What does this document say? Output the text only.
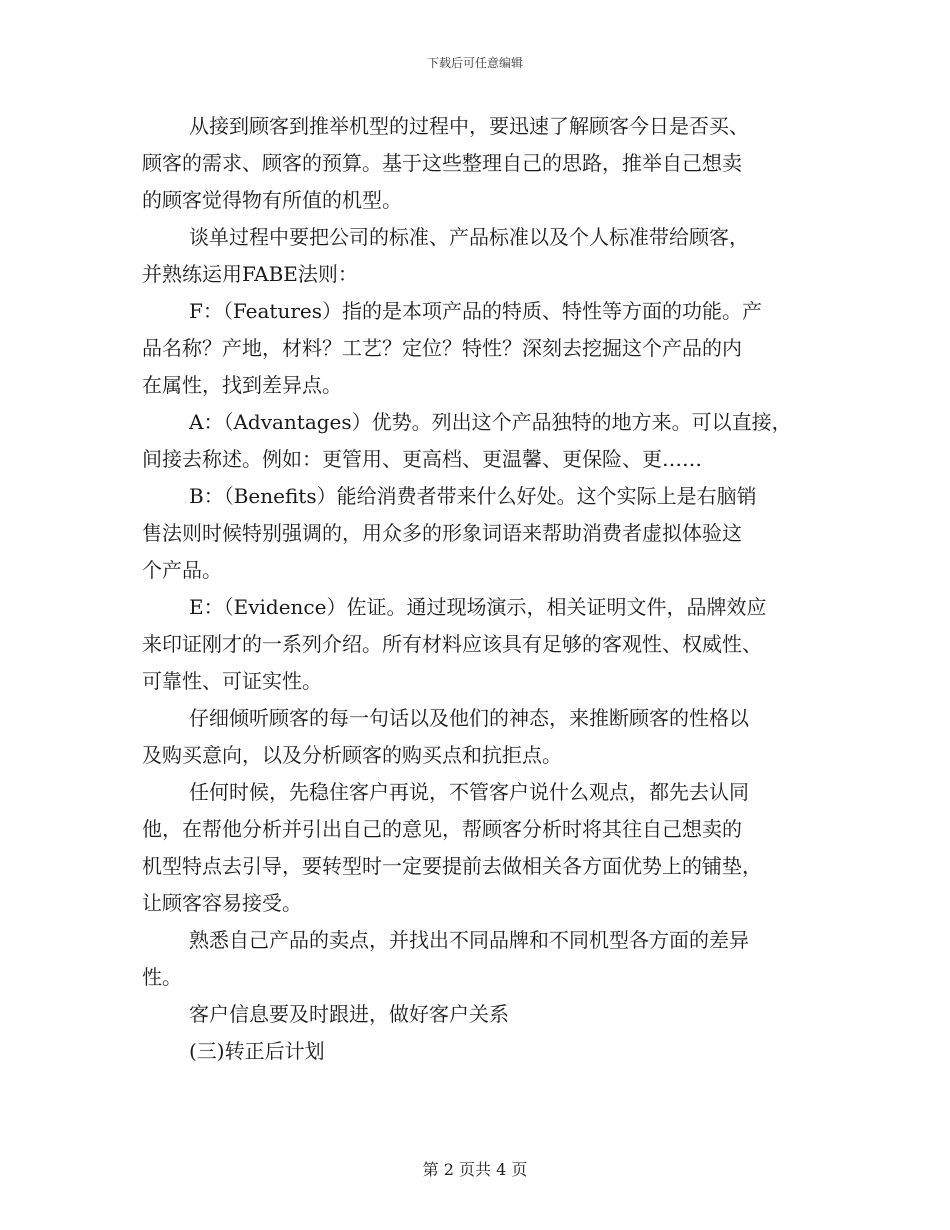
下载后可任意编辑

从接到顾客到推举机型的过程中，要迅速了解顾客今日是否买、
顾客的需求、顾客的预算。基于这些整理自己的思路，推举自己想卖
的顾客觉得物有所值的机型。

谈单过程中要把公司的标准、产品标准以及个人标准带给顾客，
并熟练运用FABE法则：

F：（Features）指的是本项产品的特质、特性等方面的功能。产
品名称？产地，材料？工艺？定位？特性？深刻去挖掘这个产品的内
在属性，找到差异点。

A：（Advantages）优势。列出这个产品独特的地方来。可以直接，
间接去称述。例如：更管用、更高档、更温馨、更保险、更……

B：（Benefits）能给消费者带来什么好处。这个实际上是右脑销
售法则时候特别强调的，用众多的形象词语来帮助消费者虚拟体验这
个产品。

E：（Evidence）佐证。通过现场演示，相关证明文件，品牌效应
来印证刚才的一系列介绍。所有材料应该具有足够的客观性、权威性、
可靠性、可证实性。

仔细倾听顾客的每一句话以及他们的神态，来推断顾客的性格以
及购买意向，以及分析顾客的购买点和抗拒点。

任何时候，先稳住客户再说，不管客户说什么观点，都先去认同
他，在帮他分析并引出自己的意见，帮顾客分析时将其往自己想卖的
机型特点去引导，要转型时一定要提前去做相关各方面优势上的铺垫，
让顾客容易接受。

熟悉自己产品的卖点，并找出不同品牌和不同机型各方面的差异
性。

客户信息要及时跟进，做好客户关系

(三)转正后计划

第 2 页共 4 页
